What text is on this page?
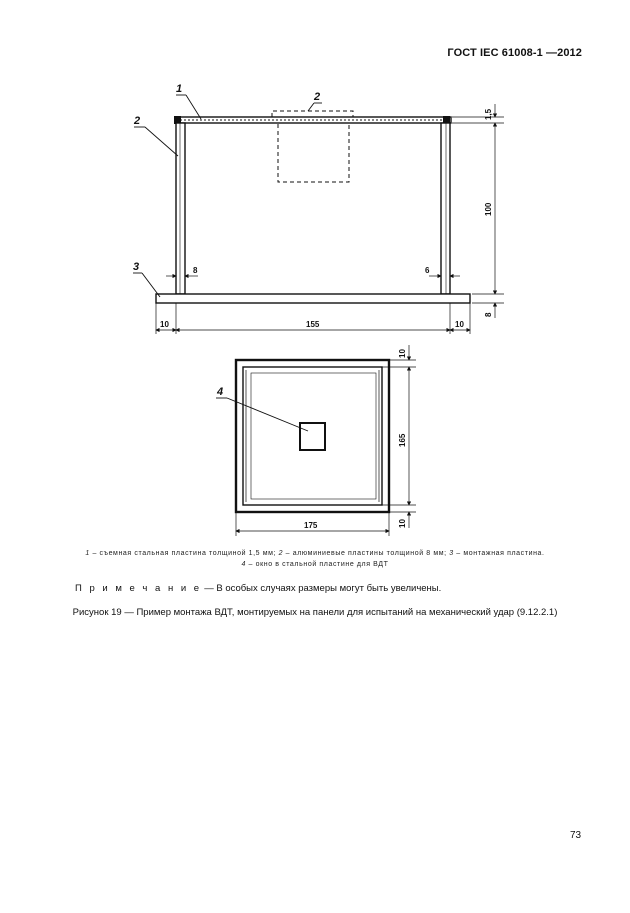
ГОСТ IEC 61008-1 —2012
1
2
3
2
4
1,5
100
8
8	6
10	155	10
10
165
10
175
1 – съемная стальная пластина толщиной 1,5 мм; 2 – алюминиевые пластины толщиной 8 мм; 3 – монтажная пластина.
4 – окно в стальной пластине для ВДТ
П р и м е ч а н и е — В особых случаях размеры могут быть увеличены.
Рисунок 19 — Пример монтажа ВДТ, монтируемых на панели для испытаний на механический удар (9.12.2.1)
73
